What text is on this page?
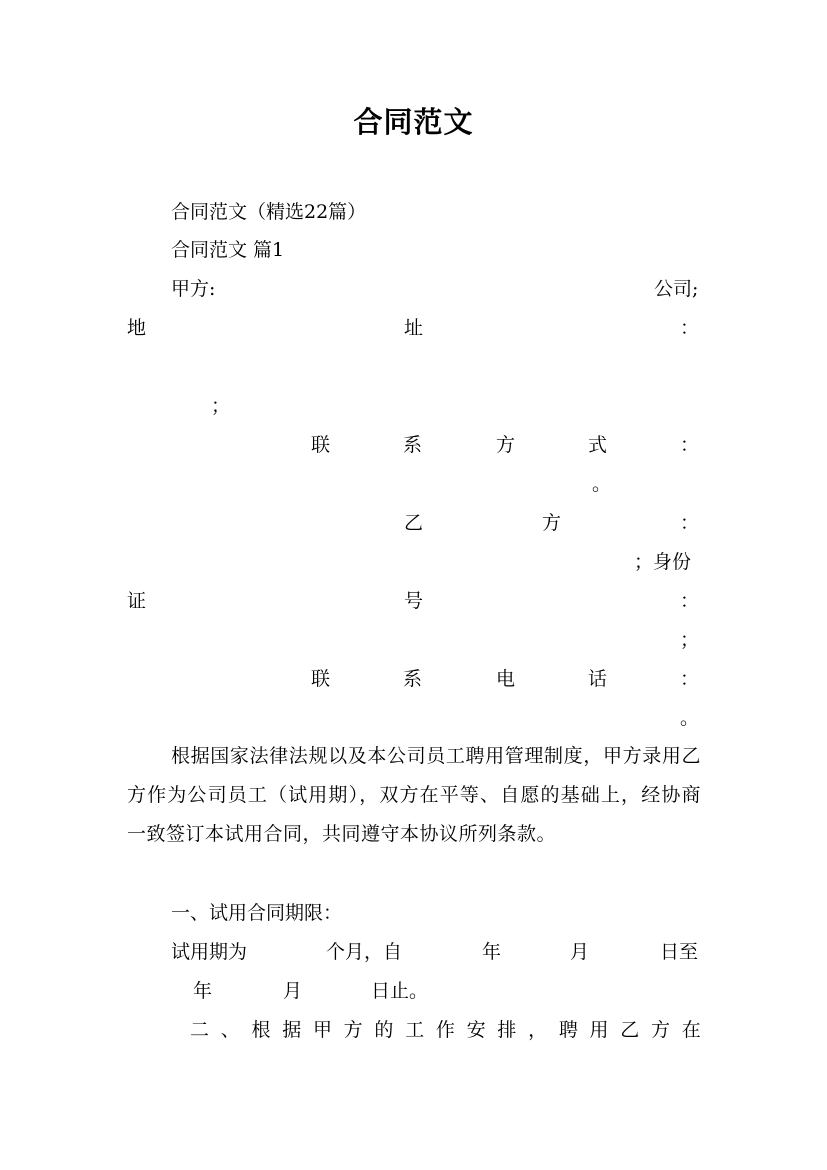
合同范文
合同范文（精选22篇）
合同范文 篇1
甲方:	公司;
地	址	：
；
联	系	方	式	：
。
乙	方	：
；身份
证	号	：
；
联	系	电	话	：
。
根据国家法律法规以及本公司员工聘用管理制度，甲方录用乙方作为公司员工（试用期），双方在平等、自愿的基础上，经协商一致签订本试用合同，共同遵守本协议所列条款。
一、试用合同期限：
试用期为	个月，自	年	月	日至
年	月	日止。
二 、 根 据 甲 方 的 工 作 安 排 ， 聘 用 乙 方 在
